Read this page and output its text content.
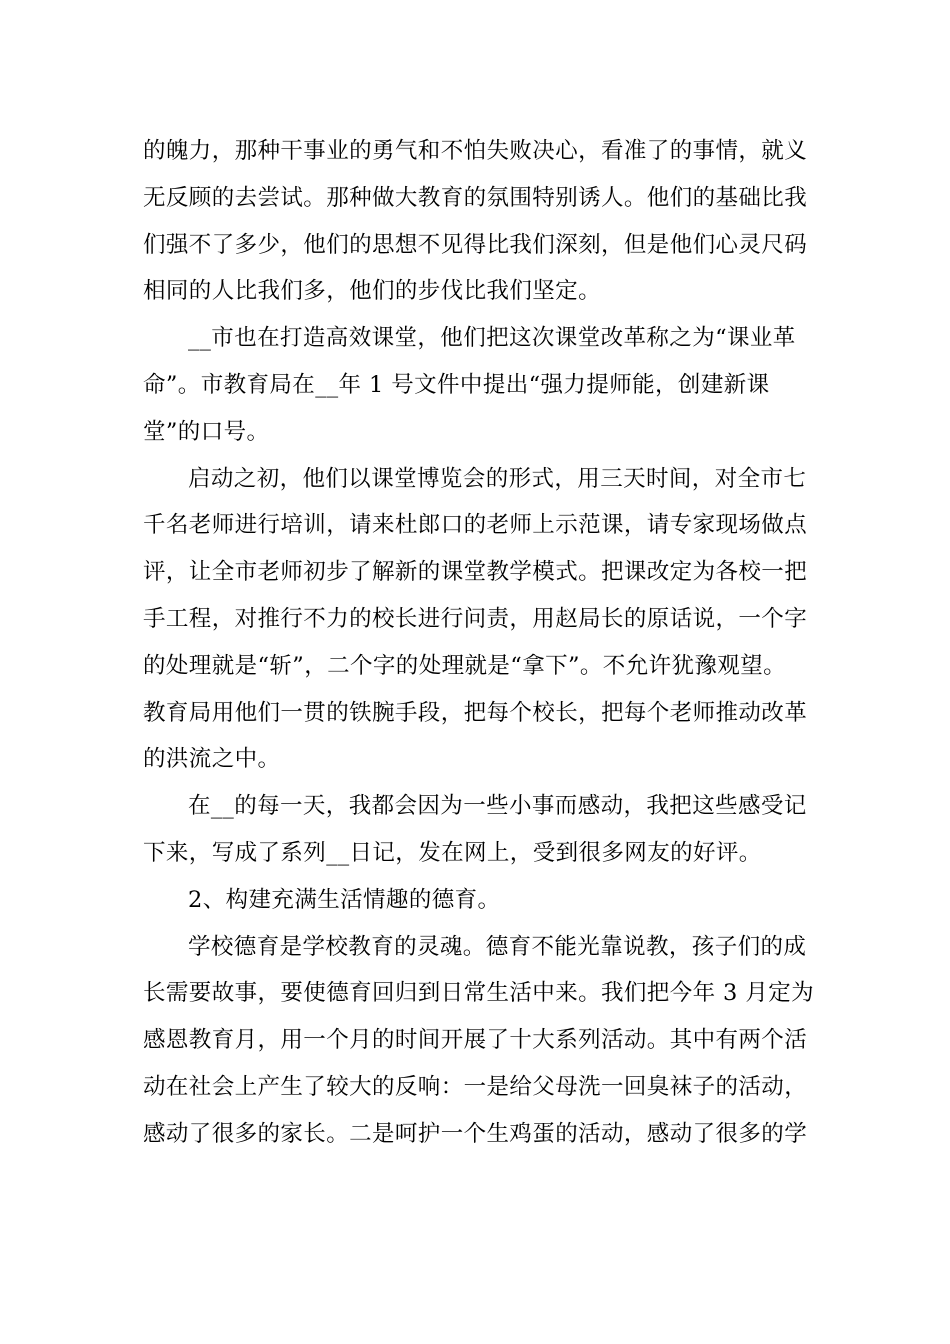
的魄力，那种干事业的勇气和不怕失败决心，看准了的事情，就义
无反顾的去尝试。那种做大教育的氛围特别诱人。他们的基础比我
们强不了多少，他们的思想不见得比我们深刻，但是他们心灵尺码
相同的人比我们多，他们的步伐比我们坚定。
__市也在打造高效课堂，他们把这次课堂改革称之为“课业革
命”。市教育局在__年 1 号文件中提出“强力提师能，创建新课
堂”的口号。
启动之初，他们以课堂博览会的形式，用三天时间，对全市七
千名老师进行培训，请来杜郎口的老师上示范课，请专家现场做点
评，让全市老师初步了解新的课堂教学模式。把课改定为各校一把
手工程，对推行不力的校长进行问责，用赵局长的原话说，一个字
的处理就是“斩”，二个字的处理就是“拿下”。不允许犹豫观望。
教育局用他们一贯的铁腕手段，把每个校长，把每个老师推动改革
的洪流之中。
在__的每一天，我都会因为一些小事而感动，我把这些感受记
下来，写成了系列__日记，发在网上，受到很多网友的好评。
2、构建充满生活情趣的德育。
学校德育是学校教育的灵魂。德育不能光靠说教，孩子们的成
长需要故事，要使德育回归到日常生活中来。我们把今年 3 月定为
感恩教育月，用一个月的时间开展了十大系列活动。其中有两个活
动在社会上产生了较大的反响：一是给父母洗一回臭袜子的活动，
感动了很多的家长。二是呵护一个生鸡蛋的活动，感动了很多的学
